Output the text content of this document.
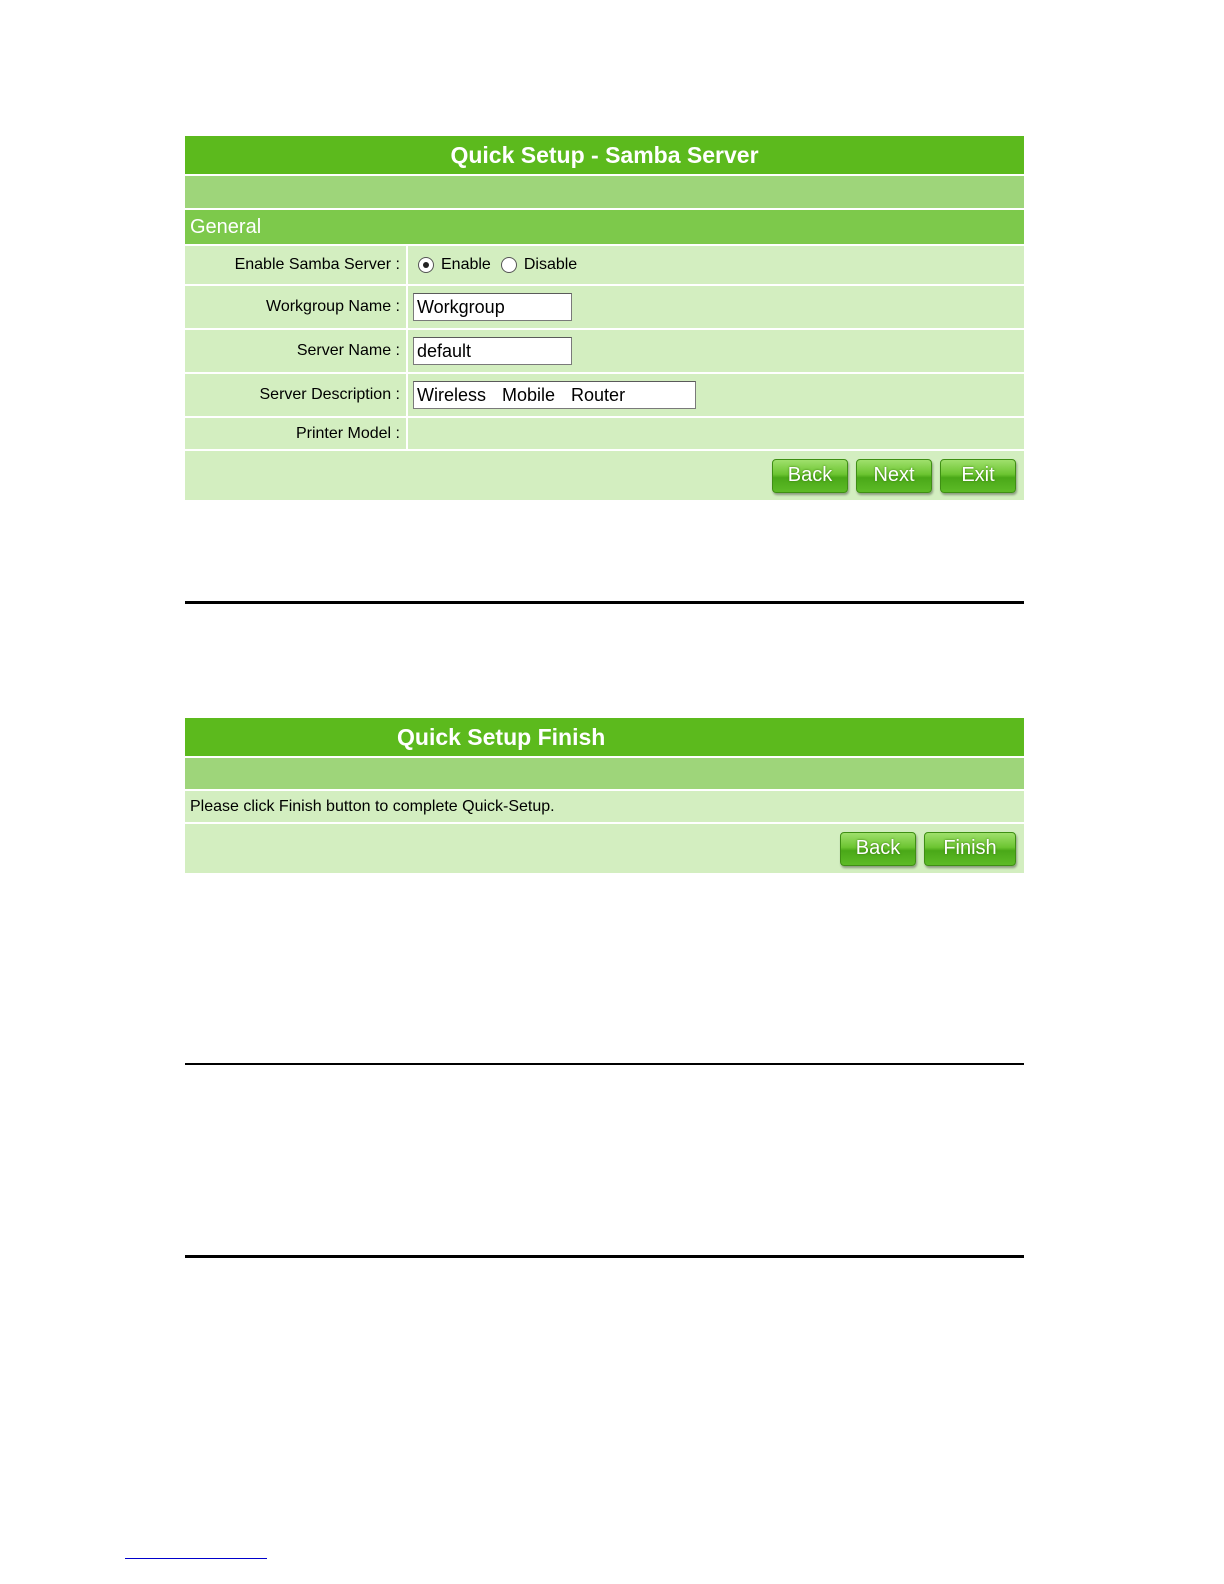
Quick Setup - Samba Server
General
Enable Samba Server :	Enable Disable
Workgroup Name :
Workgroup
Server Name :
default
Server Description :
Wireless Mobile Router
Printer Model :
Back	Next	Exit
Quick Setup Finish
Please click Finish button to complete Quick-Setup.
Back	Finish
